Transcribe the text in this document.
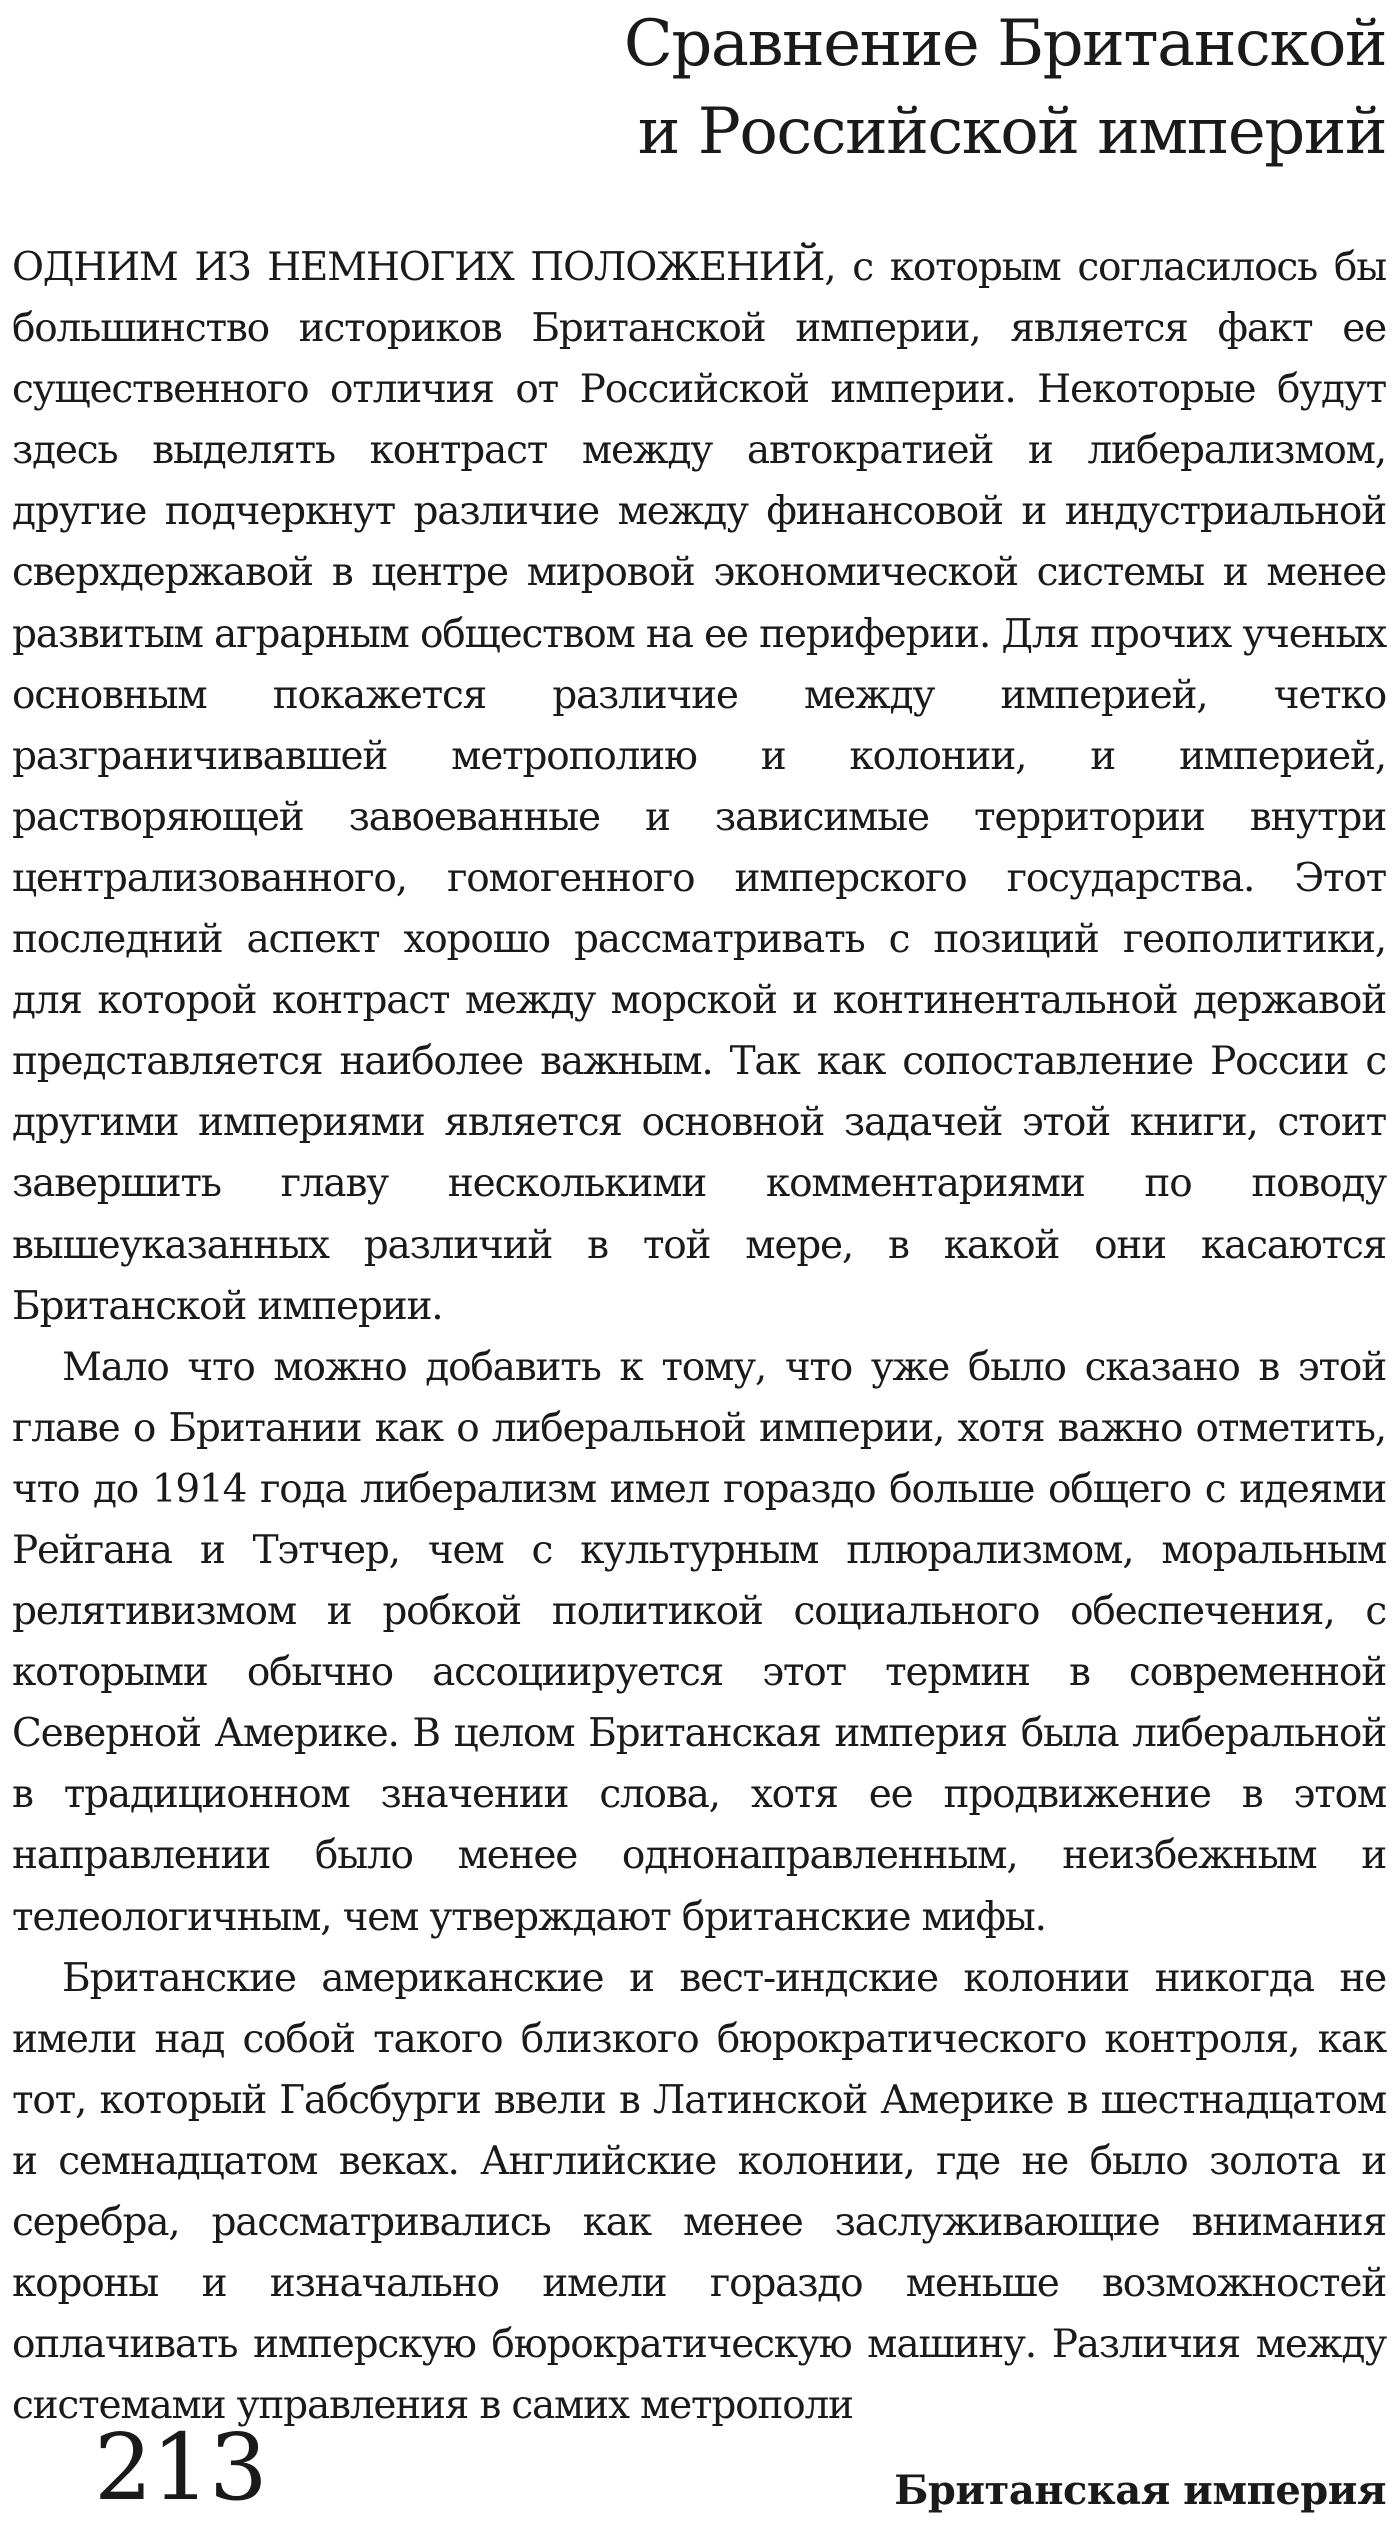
Сравнение Британской
и Российской империй

ОДНИМ ИЗ НЕМНОГИХ ПОЛОЖЕНИЙ, с которым согласилось бы большинство историков Британской империи, является факт ее существенного отличия от Российской империи. Некоторые будут здесь выделять контраст между автократией и либерализмом, другие подчеркнут различие между финансовой и индустриальной сверхдержавой в центре мировой экономической системы и менее развитым аграрным обществом на ее периферии. Для прочих ученых основным покажется различие между империей, четко разграничивавшей метрополию и колонии, и империей, растворяющей завоеванные и зависимые территории внутри централизованного, гомогенного имперского государства. Этот последний аспект хорошо рассматривать с позиций геополитики, для которой контраст между морской и континентальной державой представляется наиболее важным. Так как сопоставление России с другими империями является основной задачей этой книги, стоит завершить главу несколькими комментариями по поводу вышеуказанных различий в той мере, в какой они касаются Британской империи.

Мало что можно добавить к тому, что уже было сказано в этой главе о Британии как о либеральной империи, хотя важно отметить, что до 1914 года либерализм имел гораздо больше общего с идеями Рейгана и Тэтчер, чем с культурным плюрализмом, моральным релятивизмом и робкой политикой социального обеспечения, с которыми обычно ассоциируется этот термин в современной Северной Америке. В целом Британская империя была либеральной в традиционном значении слова, хотя ее продвижение в этом направлении было менее однонаправленным, неизбежным и телеологичным, чем утверждают британские мифы.

Британские американские и вест-индские колонии никогда не имели над собой такого близкого бюрократического контроля, как тот, который Габсбурги ввели в Латинской Америке в шестнадцатом и семнадцатом веках. Английские колонии, где не было золота и серебра, рассматривались как менее заслуживающие внимания короны и изначально имели гораздо меньше возможностей оплачивать имперскую бюрократическую машину. Различия между системами управления в самих метрополи

213	Британская империя
